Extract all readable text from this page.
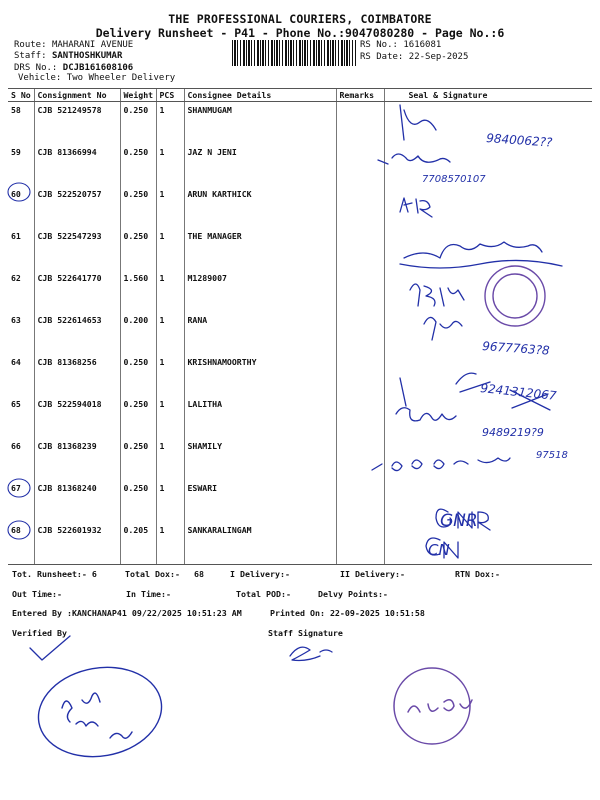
THE PROFESSIONAL COURIERS, COIMBATORE
Delivery Runsheet - P41 - Phone No.:9047080280 - Page No.:6
Route: MAHARANI AVENUE
Staff: SANTHOSHKUMAR
DRS No.: DCJB161608106
Vehicle: Two Wheeler Delivery
RS No.: 1616081
RS Date: 22-Sep-2025
S No	Consignment No	Weight	PCS	Consignee Details	Remarks	Seal & Signature
58	CJB 521249578	0.250	1	SHANMUGAM		
59	CJB 81366994	0.250	1	JAZ N JENI		
60	CJB 522520757	0.250	1	ARUN KARTHICK		
61	CJB 522547293	0.250	1	THE MANAGER		
62	CJB 522641770	1.560	1	M1289007		
63	CJB 522614653	0.200	1	RANA		
64	CJB 81368256	0.250	1	KRISHNAMOORTHY		
65	CJB 522594018	0.250	1	LALITHA		
66	CJB 81368239	0.250	1	SHAMILY		
67	CJB 81368240	0.250	1	ESWARI		
68	CJB 522601932	0.205	1	SANKARALINGAM		
Tot. Runsheet:- 6	Total Dox:- 68	I Delivery:-	II Delivery:-	RTN Dox:-
Out Time:-	In Time:-	Total POD:-	Delvy Points:-
Entered By :KANCHANAP41 09/22/2025 10:51:23 AM	Printed On: 22-09-2025 10:51:58
Verified By	Staff Signature
9840062??
7708570107
9677763?8
9241312067
9489219?9
97518
GNR
CN
